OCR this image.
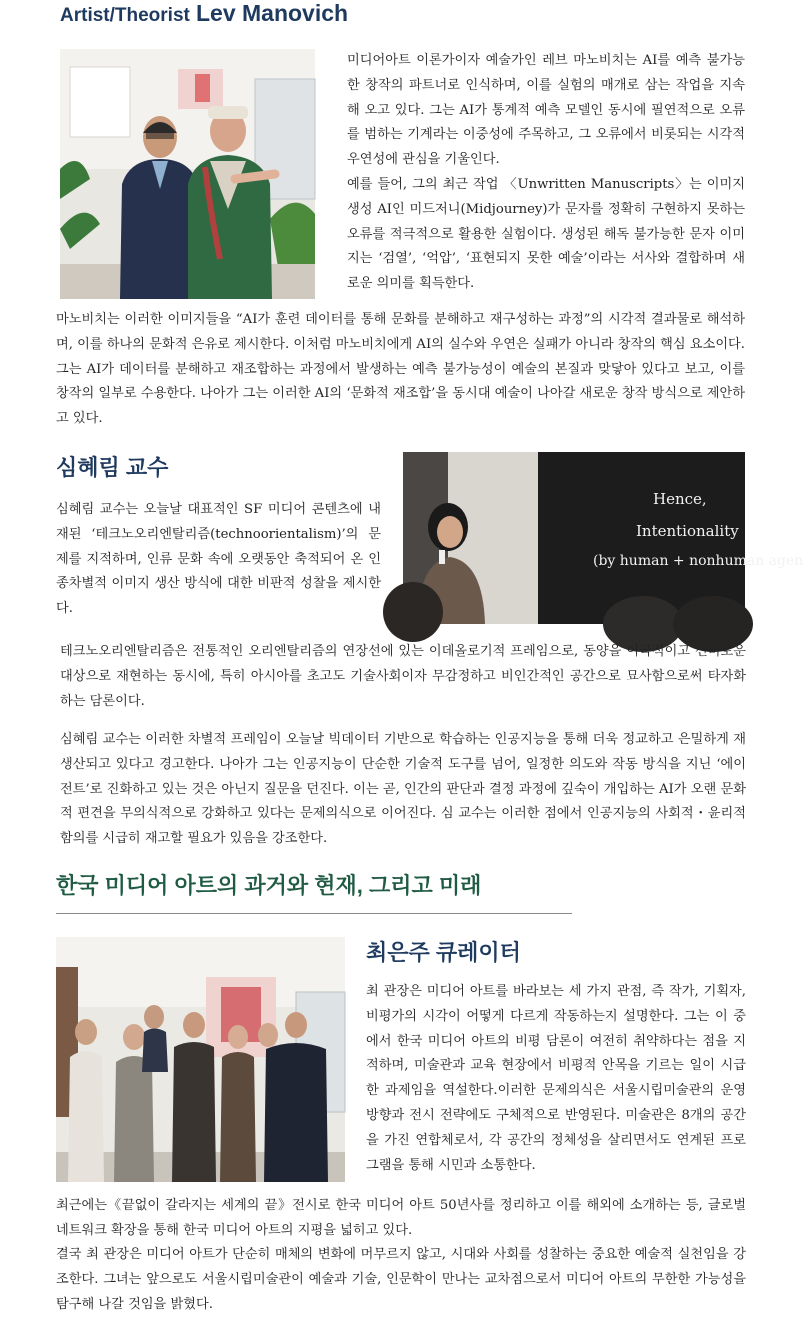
Artist/Theorist Lev Manovich

미디어아트 이론가이자 예술가인 레브 마노비치는 AI를 예측 불가능한 창작의 파트너로 인식하며, 이를 실험의 매개로 삼는 작업을 지속해 오고 있다. 그는 AI가 통계적 예측 모델인 동시에 필연적으로 오류를 범하는 기계라는 이중성에 주목하고, 그 오류에서 비롯되는 시각적 우연성에 관심을 기울인다.

예를 들어, 그의 최근 작업 〈Unwritten Manuscripts〉는 이미지 생성 AI인 미드저니(Midjourney)가 문자를 정확히 구현하지 못하는 오류를 적극적으로 활용한 실험이다. 생성된 해독 불가능한 문자 이미지는 ‘검열’, ‘억압’, ‘표현되지 못한 예술’이라는 서사와 결합하며 새로운 의미를 획득한다.

마노비치는 이러한 이미지들을 “AI가 훈련 데이터를 통해 문화를 분해하고 재구성하는 과정”의 시각적 결과물로 해석하며, 이를 하나의 문화적 은유로 제시한다. 이처럼 마노비치에게 AI의 실수와 우연은 실패가 아니라 창작의 핵심 요소이다. 그는 AI가 데이터를 분해하고 재조합하는 과정에서 발생하는 예측 불가능성이 예술의 본질과 맞닿아 있다고 보고, 이를 창작의 일부로 수용한다. 나아가 그는 이러한 AI의 ‘문화적 재조합’을 동시대 예술이 나아갈 새로운 창작 방식으로 제안하고 있다.

심혜림 교수
Hence,
Intentionality
(by human + nonhuman agen

심혜림 교수는 오늘날 대표적인 SF 미디어 콘텐츠에 내재된 ‘테크노오리엔탈리즘(technoorientalism)’의 문제를 지적하며, 인류 문화 속에 오랫동안 축적되어 온 인종차별적 이미지 생산 방식에 대한 비판적 성찰을 제시한다.

테크노오리엔탈리즘은 전통적인 오리엔탈리즘의 연장선에 있는 이데올로기적 프레임으로, 동양을 이국적이고 신비로운 대상으로 재현하는 동시에, 특히 아시아를 초고도 기술사회이자 무감정하고 비인간적인 공간으로 묘사함으로써 타자화하는 담론이다.

심혜림 교수는 이러한 차별적 프레임이 오늘날 빅데이터 기반으로 학습하는 인공지능을 통해 더욱 정교하고 은밀하게 재생산되고 있다고 경고한다. 나아가 그는 인공지능이 단순한 기술적 도구를 넘어, 일정한 의도와 작동 방식을 지닌 ‘에이전트’로 진화하고 있는 것은 아닌지 질문을 던진다. 이는 곧, 인간의 판단과 결정 과정에 깊숙이 개입하는 AI가 오랜 문화적 편견을 무의식적으로 강화하고 있다는 문제의식으로 이어진다. 심 교수는 이러한 점에서 인공지능의 사회적・윤리적 함의를 시급히 재고할 필요가 있음을 강조한다.

한국 미디어 아트의 과거와 현재, 그리고 미래
최은주 큐레이터

최 관장은 미디어 아트를 바라보는 세 가지 관점, 즉 작가, 기획자, 비평가의 시각이 어떻게 다르게 작동하는지 설명한다. 그는 이 중에서 한국 미디어 아트의 비평 담론이 여전히 취약하다는 점을 지적하며, 미술관과 교육 현장에서 비평적 안목을 기르는 일이 시급한 과제임을 역설한다.이러한 문제의식은 서울시립미술관의 운영 방향과 전시 전략에도 구체적으로 반영된다. 미술관은 8개의 공간을 가진 연합체로서, 각 공간의 정체성을 살리면서도 연계된 프로그램을 통해 시민과 소통한다.

최근에는《끝없이 갈라지는 세계의 끝》전시로 한국 미디어 아트 50년사를 정리하고 이를 해외에 소개하는 등, 글로벌 네트워크 확장을 통해 한국 미디어 아트의 지평을 넓히고 있다.

결국 최 관장은 미디어 아트가 단순히 매체의 변화에 머무르지 않고, 시대와 사회를 성찰하는 중요한 예술적 실천임을 강조한다. 그녀는 앞으로도 서울시립미술관이 예술과 기술, 인문학이 만나는 교차점으로서 미디어 아트의 무한한 가능성을 탐구해 나갈 것임을 밝혔다.
